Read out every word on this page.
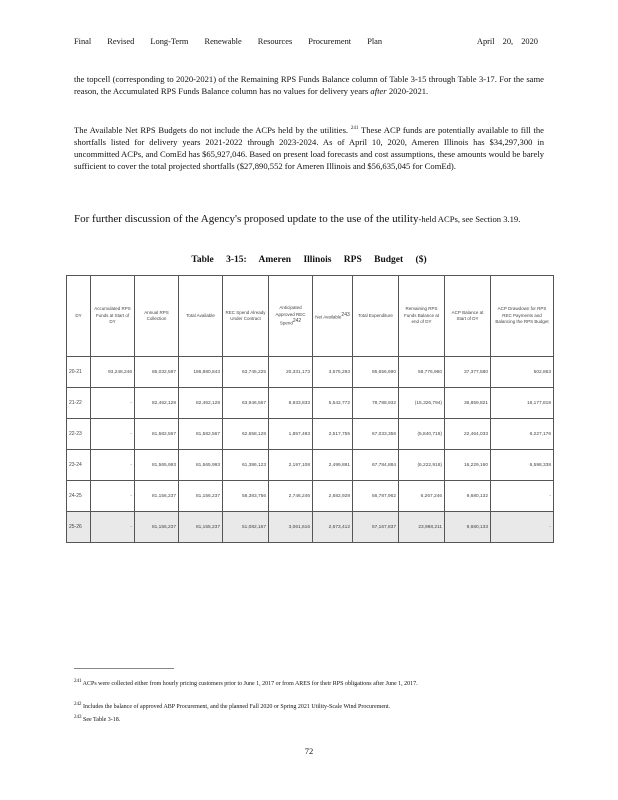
Final Revised Long-Term Renewable Resources Procurement Plan	April 20, 2020
the topcell (corresponding to 2020-2021) of the Remaining RPS Funds Balance column of Table 3-15 through Table 3-17. For the same reason, the Accumulated RPS Funds Balance column has no values for delivery years after 2020-2021.
The Available Net RPS Budgets do not include the ACPs held by the utilities. $^{241}$ These ACP funds are potentially available to fill the shortfalls listed for delivery years 2021-2022 through 2023-2024. As of April 10, 2020, Ameren Illinois has $34,297,300 in uncommitted ACPs, and ComEd has $65,927,046. Based on present load forecasts and cost assumptions, these amounts would be barely sufficient to cover the total projected shortfalls ($27,890,552 for Ameren Illinois and $56,635,045 for ComEd).
For further discussion of the Agency's proposed update to the use of the utility-held ACPs, see Section 3.19.
Table 3-15: Ameren Illinois RPS Budget ($)
DY	Accumulated RPS Funds at Start of DY	Annual RPS Collection	Total Available	REC Spend Already Under Contract	Anticipated Approved REC Spend$^{242}$	Net Available$^{243}$	Total Expenditure	Remaining RPS Funds Balance at end of DY	ACP Balance at Start of DY	ACP Drawdown for RPS REC Payments and Balancing the RPS Budget
20-21	93,248,246	85,032,597	186,880,843	63,745,225	20,331,173	3,575,293	85,656,690	58,776,960	37,377,580	502,863
21-22	-	82,462,128	82,462,128	63,946,567	8,933,833	5,542,772	78,788,932	(15,326,794)	36,859,821	16,177,818
22-23	-	81,582,567	81,582,567	62,658,128	1,857,493	2,517,755	67,033,356	(5,840,718)	22,464,033	6,227,176
23-24	-	81,565,993	81,565,993	61,386,123	2,197,108	2,499,881	67,784,884	(6,222,918)	16,229,160	6,598,338
24-25	-	81,156,237	81,156,237	58,383,756	2,746,246	2,682,928	56,787,962	6,267,246	9,680,132	-
25-26	-	81,155,237	81,155,237	51,082,167	3,061,616	2,673,412	57,167,837	23,988,211	9,680,133	-
$^{241}$ ACPs were collected either from hourly pricing customers prior to June 1, 2017 or from ARES for their RPS obligations after June 1, 2017.
$^{242}$ Includes the balance of approved ABP Procurement, and the planned Fall 2020 or Spring 2021 Utility-Scale Wind Procurement.
$^{243}$ See Table 3-18.
72
